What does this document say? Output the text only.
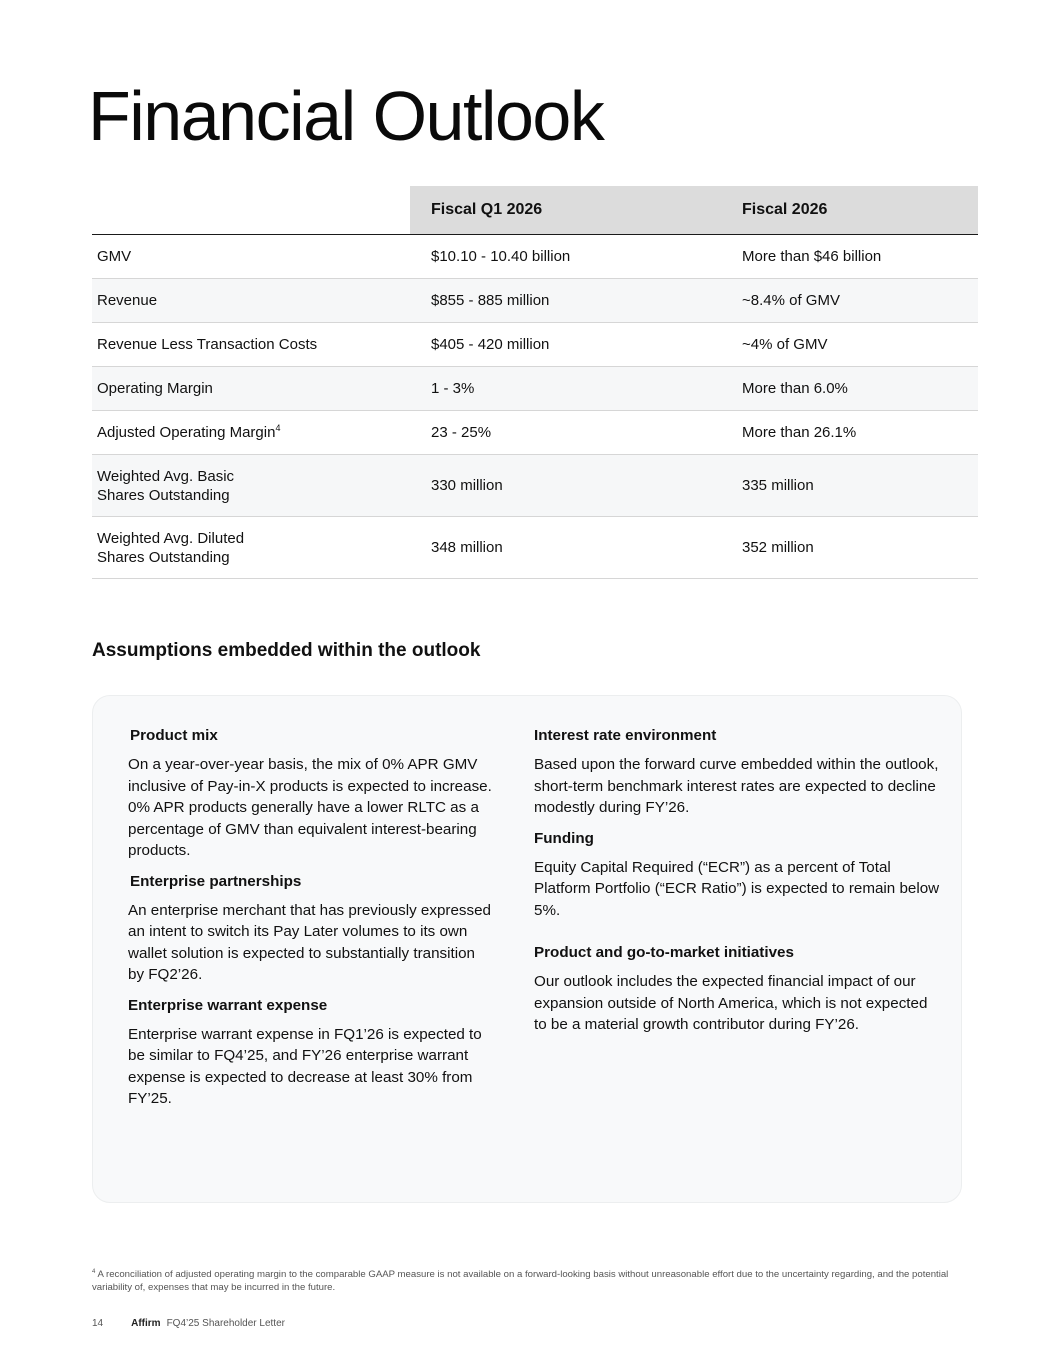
Financial Outlook
	Fiscal Q1 2026	Fiscal 2026
GMV	$10.10 - 10.40 billion	More than $46 billion
Revenue	$855 - 885 million	~8.4% of GMV
Revenue Less Transaction Costs	$405 - 420 million	~4% of GMV
Operating Margin	1 - 3%	More than 6.0%
Adjusted Operating Margin$^4$	23 - 25%	More than 26.1%
Weighted Avg. Basic
Shares Outstanding	330 million	335 million
Weighted Avg. Diluted
Shares Outstanding	348 million	352 million
Assumptions embedded within the outlook
Product mix

On a year-over-year basis, the mix of 0% APR GMV inclusive of Pay-in-X products is expected to increase. 0% APR products generally have a lower RLTC as a percentage of GMV than equivalent interest-bearing products.

Enterprise partnerships

An enterprise merchant that has previously expressed an intent to switch its Pay Later volumes to its own wallet solution is expected to substantially transition by FQ2’26.

Enterprise warrant expense

Enterprise warrant expense in FQ1’26 is expected to be similar to FQ4’25, and FY’26 enterprise warrant expense is expected to decrease at least 30% from FY’25.

Interest rate environment

Based upon the forward curve embedded within the outlook, short-term benchmark interest rates are expected to decline modestly during FY’26.

Funding

Equity Capital Required (“ECR”) as a percent of Total Platform Portfolio (“ECR Ratio”) is expected to remain below 5%.

Product and go-to-market initiatives

Our outlook includes the expected financial impact of our expansion outside of North America, which is not expected to be a material growth contributor during FY’26.

$^4$ A reconciliation of adjusted operating margin to the comparable GAAP measure is not available on a forward-looking basis without unreasonable effort due to the uncertainty regarding, and the potential variability of, expenses that may be incurred in the future.
14	Affirm FQ4’25 Shareholder Letter
